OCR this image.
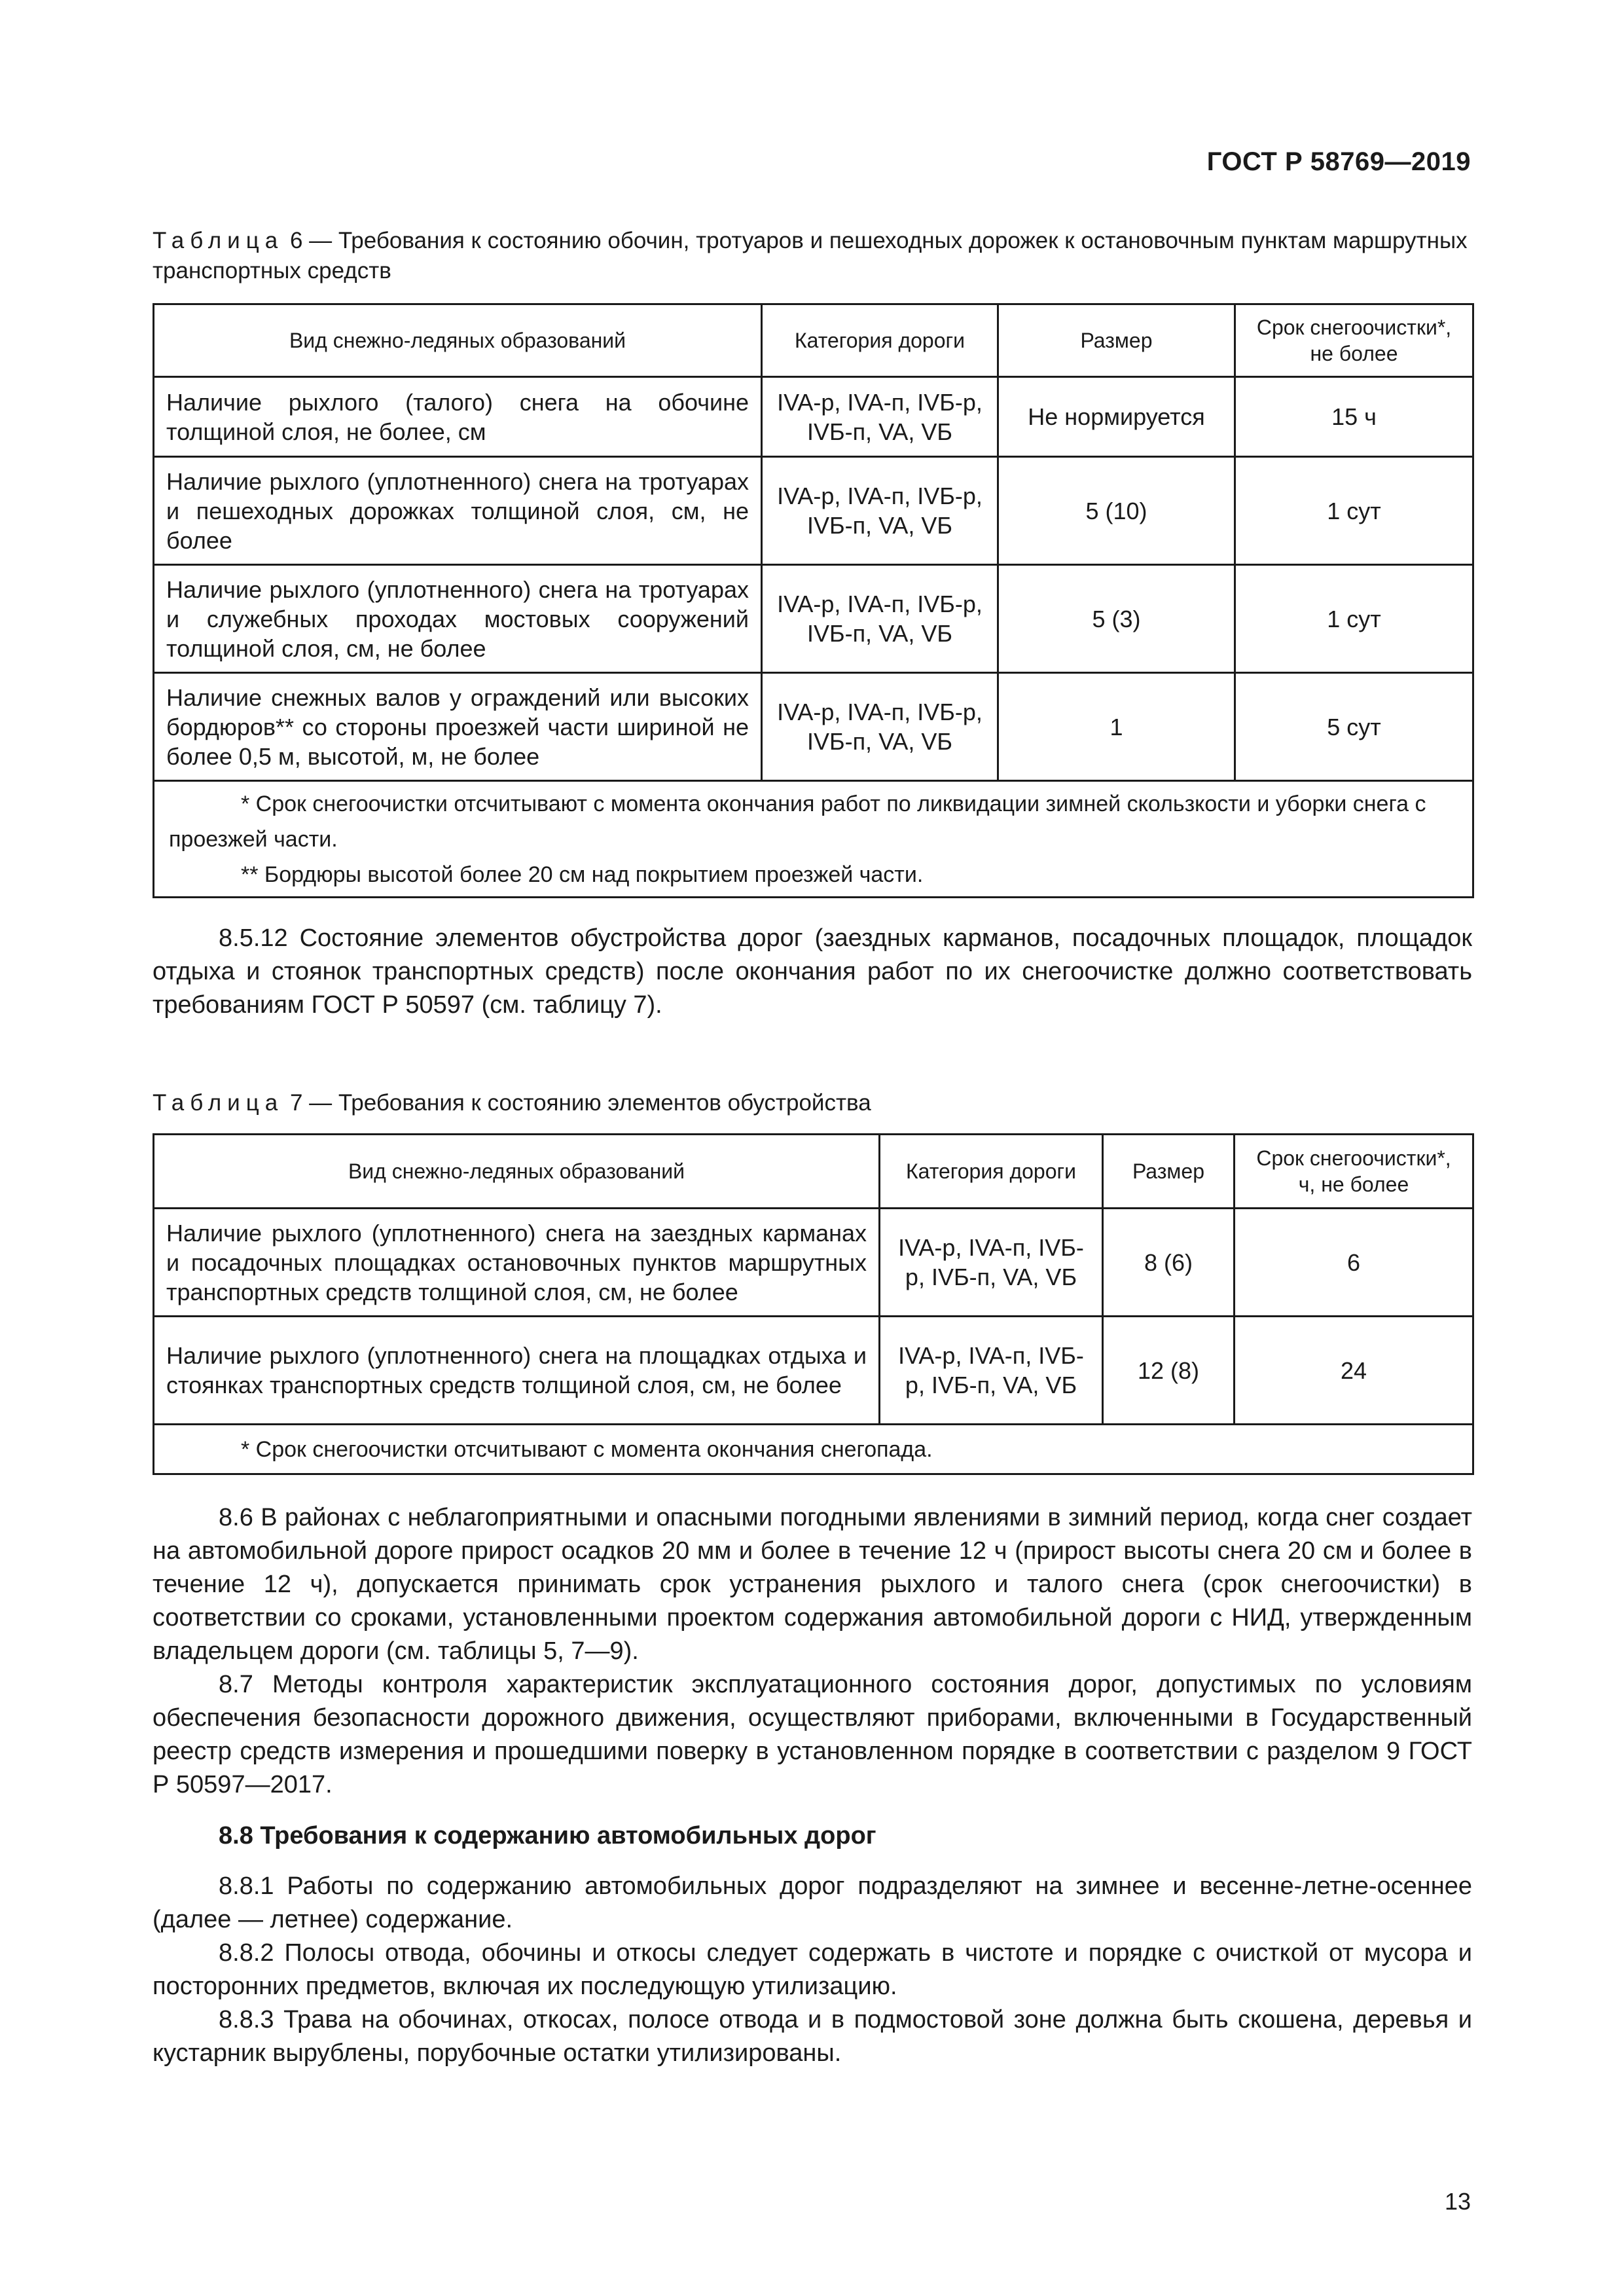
ГОСТ Р 58769—2019
Таблица 6 — Требования к состоянию обочин, тротуаров и пешеходных дорожек к остановочным пунктам маршрутных транспортных средств
Вид снежно-ледяных образований	Категория дороги	Размер	Срок снегоочистки*, не более
Наличие рыхлого (талого) снега на обочине толщиной слоя, не более, см	IVA-р, IVA-п, IVБ-р, IVБ-п, VA, VБ	Не нормируется	15 ч
Наличие рыхлого (уплотненного) снега на тротуарах и пешеходных дорожках толщиной слоя, см, не более	IVA-р, IVA-п, IVБ-р, IVБ-п, VA, VБ	5 (10)	1 сут
Наличие рыхлого (уплотненного) снега на тротуарах и служебных проходах мостовых сооружений толщиной слоя, см, не более	IVA-р, IVA-п, IVБ-р, IVБ-п, VA, VБ	5 (3)	1 сут
Наличие снежных валов у ограждений или высоких бордюров** со стороны проезжей части шириной не более 0,5 м, высотой, м, не более	IVA-р, IVA-п, IVБ-р, IVБ-п, VA, VБ	1	5 сут

* Срок снегоочистки отсчитывают с момента окончания работ по ликвидации зимней скользкости и уборки снега с проезжей части.
** Бордюры высотой более 20 см над покрытием проезжей части.			

8.5.12 Состояние элементов обустройства дорог (заездных карманов, посадочных площадок, площадок отдыха и стоянок транспортных средств) после окончания работ по их снегоочистке должно соответствовать требованиям ГОСТ Р 50597 (см. таблицу 7).

Таблица 7 — Требования к состоянию элементов обустройства
Вид снежно-ледяных образований	Категория дороги	Размер	Срок снегоочистки*, ч, не более
Наличие рыхлого (уплотненного) снега на заездных карманах и посадочных площадках остановочных пунктов маршрутных транспортных средств толщиной слоя, см, не более	IVA-р, IVA-п, IVБ-р, IVБ-п, VA, VБ	8 (6)	6
Наличие рыхлого (уплотненного) снега на площадках отдыха и стоянках транспортных средств толщиной слоя, см, не более	IVA-р, IVA-п, IVБ-р, IVБ-п, VA, VБ	12 (8)	24

* Срок снегоочистки отсчитывают с момента окончания снегопада.			

8.6 В районах с неблагоприятными и опасными погодными явлениями в зимний период, когда снег создает на автомобильной дороге прирост осадков 20 мм и более в течение 12 ч (прирост высоты снега 20 см и более в течение 12 ч), допускается принимать срок устранения рыхлого и талого снега (срок снегоочистки) в соответствии со сроками, установленными проектом содержания автомобильной дороги с НИД, утвержденным владельцем дороги (см. таблицы 5, 7—9).

8.7 Методы контроля характеристик эксплуатационного состояния дорог, допустимых по условиям обеспечения безопасности дорожного движения, осуществляют приборами, включенными в Государственный реестр средств измерения и прошедшими поверку в установленном порядке в соответствии с разделом 9 ГОСТ Р 50597—2017.

8.8 Требования к содержанию автомобильных дорог

8.8.1 Работы по содержанию автомобильных дорог подразделяют на зимнее и весенне-летне-осеннее (далее — летнее) содержание.

8.8.2 Полосы отвода, обочины и откосы следует содержать в чистоте и порядке с очисткой от мусора и посторонних предметов, включая их последующую утилизацию.

8.8.3 Трава на обочинах, откосах, полосе отвода и в подмостовой зоне должна быть скошена, деревья и кустарник вырублены, порубочные остатки утилизированы.

13
